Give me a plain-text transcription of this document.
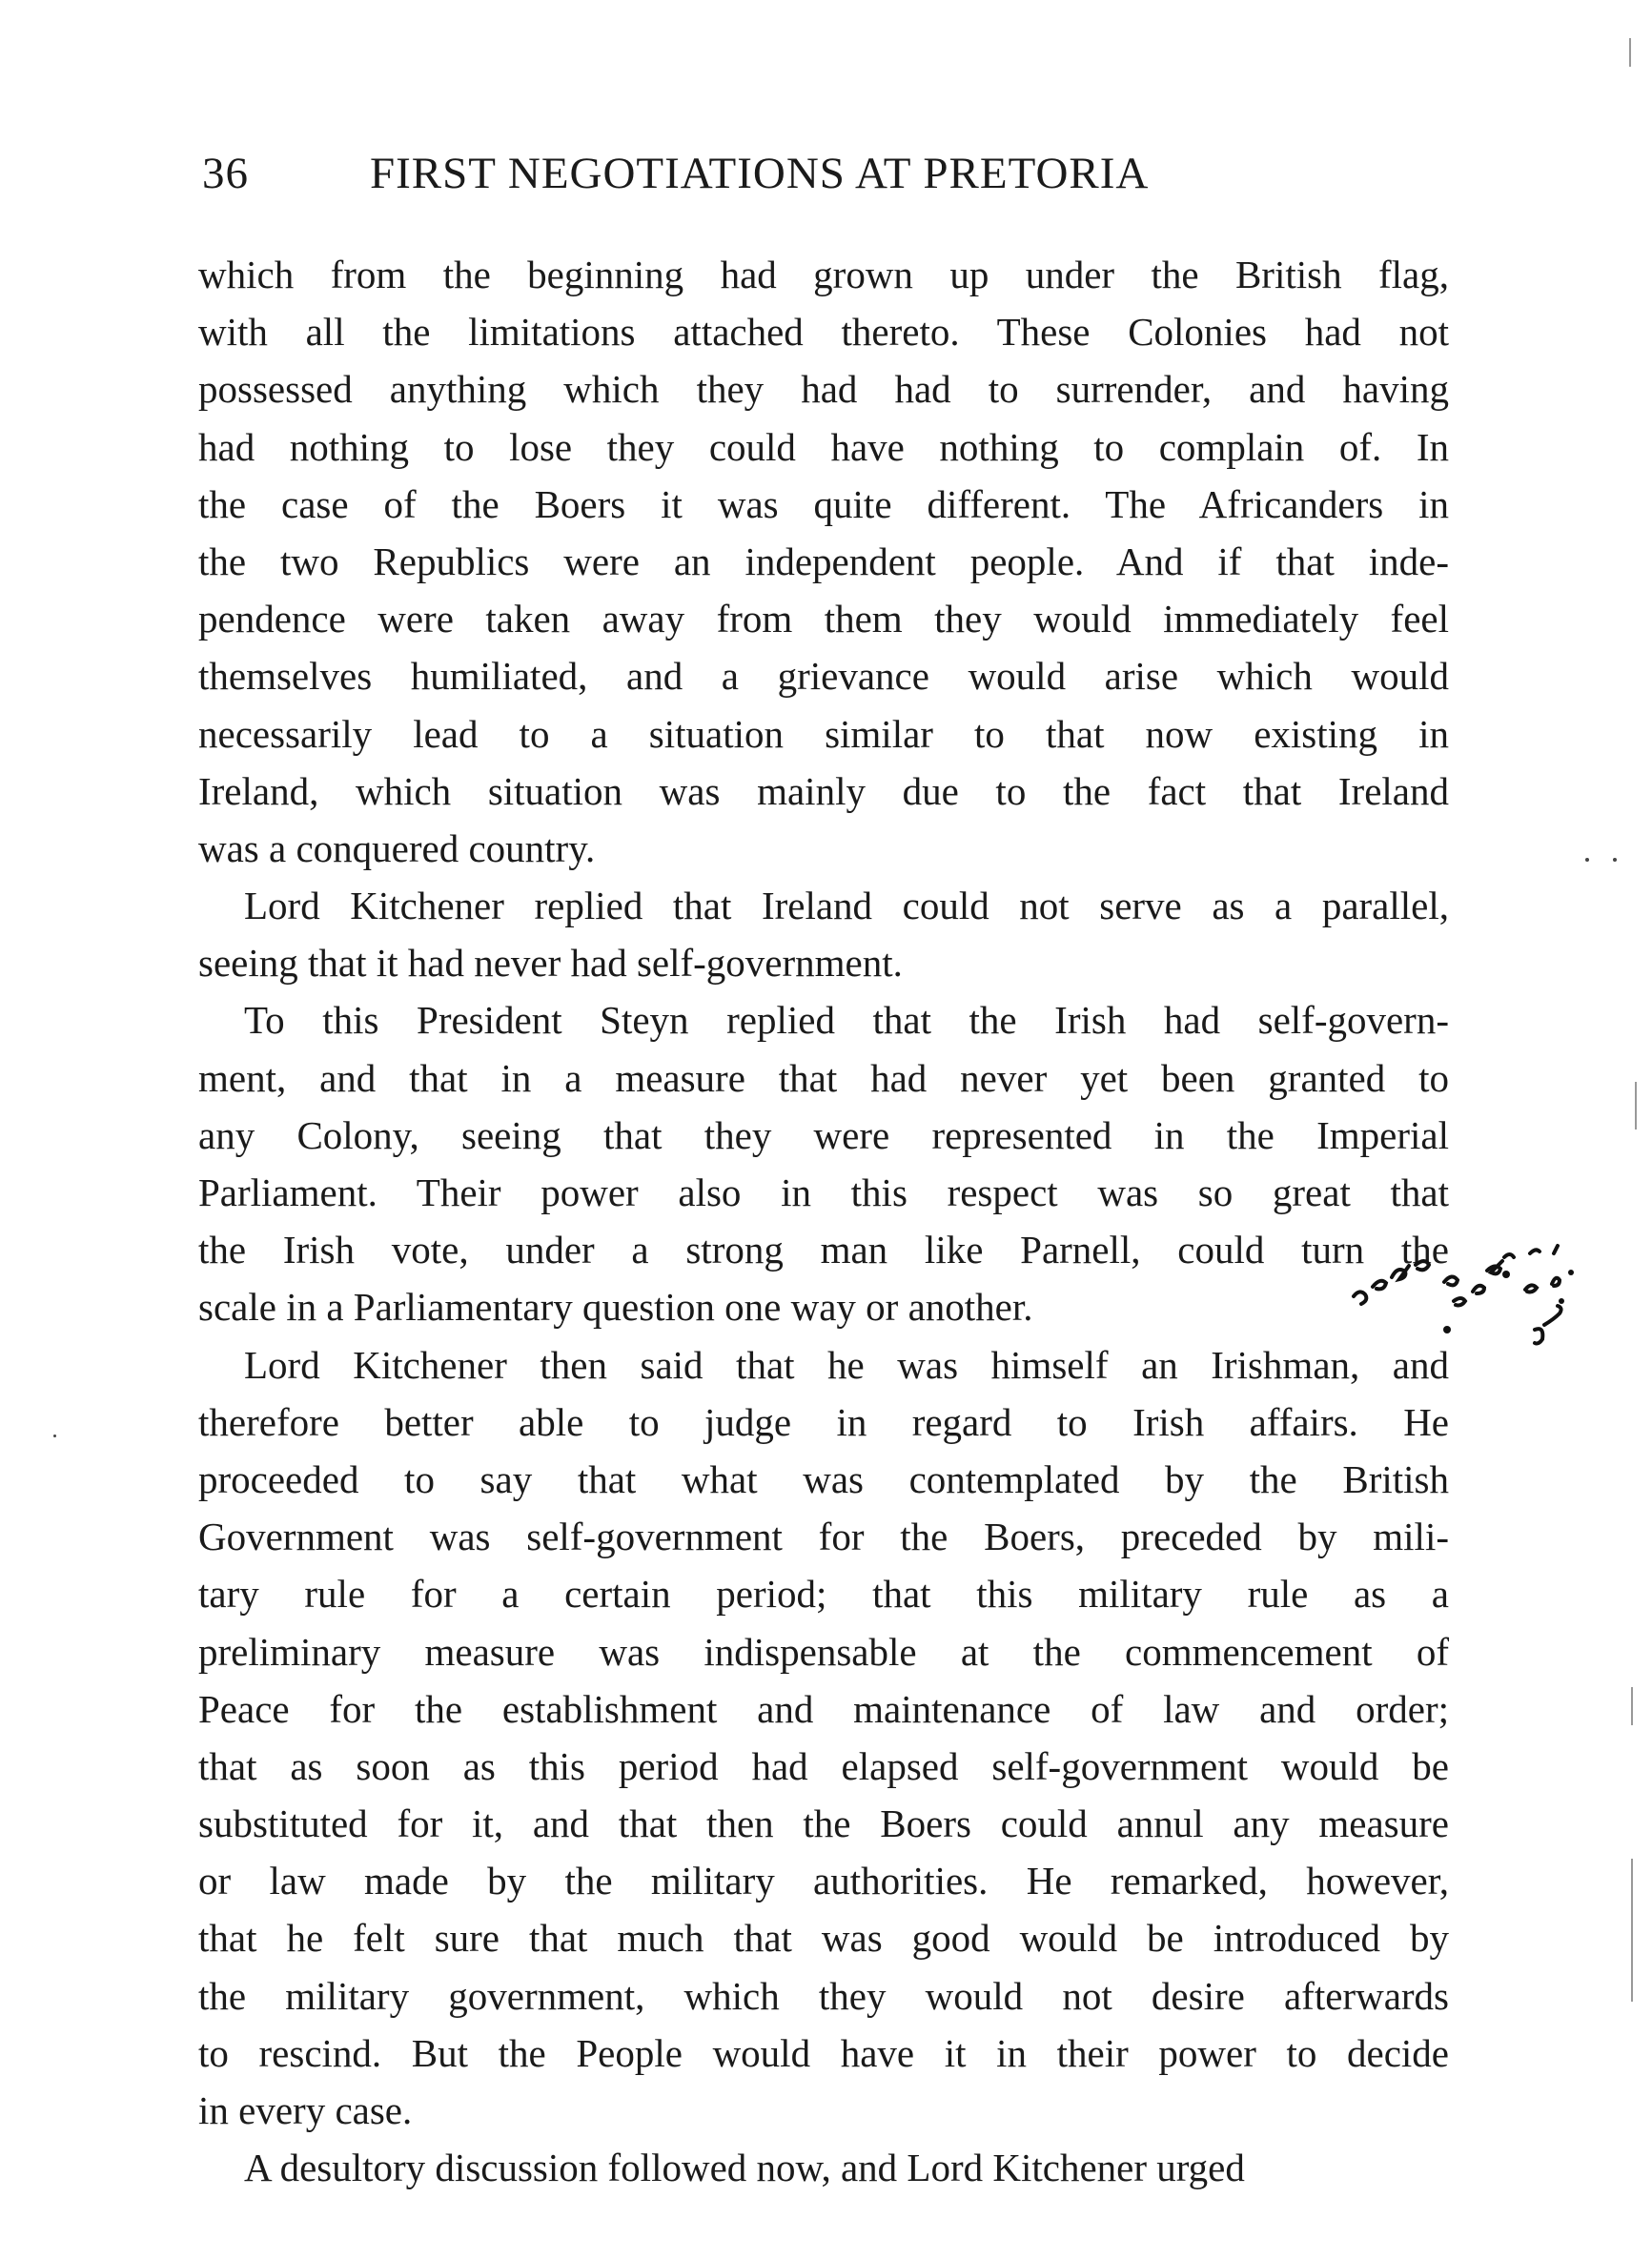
36	FIRST NEGOTIATIONS AT PRETORIA
which from the beginning had grown up under the British flag,
with all the limitations attached thereto. These Colonies had not
possessed anything which they had had to surrender, and having
had nothing to lose they could have nothing to complain of. In
the case of the Boers it was quite different. The Africanders in
the two Republics were an independent people. And if that inde-
pendence were taken away from them they would immediately feel
themselves humiliated, and a grievance would arise which would
necessarily lead to a situation similar to that now existing in
Ireland, which situation was mainly due to the fact that Ireland
was a conquered country.
Lord Kitchener replied that Ireland could not serve as a parallel,
seeing that it had never had self-government.
To this President Steyn replied that the Irish had self-govern-
ment, and that in a measure that had never yet been granted to
any Colony, seeing that they were represented in the Imperial
Parliament. Their power also in this respect was so great that
the Irish vote, under a strong man like Parnell, could turn the
scale in a Parliamentary question one way or another.
Lord Kitchener then said that he was himself an Irishman, and
therefore better able to judge in regard to Irish affairs. He
proceeded to say that what was contemplated by the British
Government was self-government for the Boers, preceded by mili-
tary rule for a certain period; that this military rule as a
preliminary measure was indispensable at the commencement of
Peace for the establishment and maintenance of law and order;
that as soon as this period had elapsed self-government would be
substituted for it, and that then the Boers could annul any measure
or law made by the military authorities. He remarked, however,
that he felt sure that much that was good would be introduced by
the military government, which they would not desire afterwards
to rescind. But the People would have it in their power to decide
in every case.
A desultory discussion followed now, and Lord Kitchener urged
